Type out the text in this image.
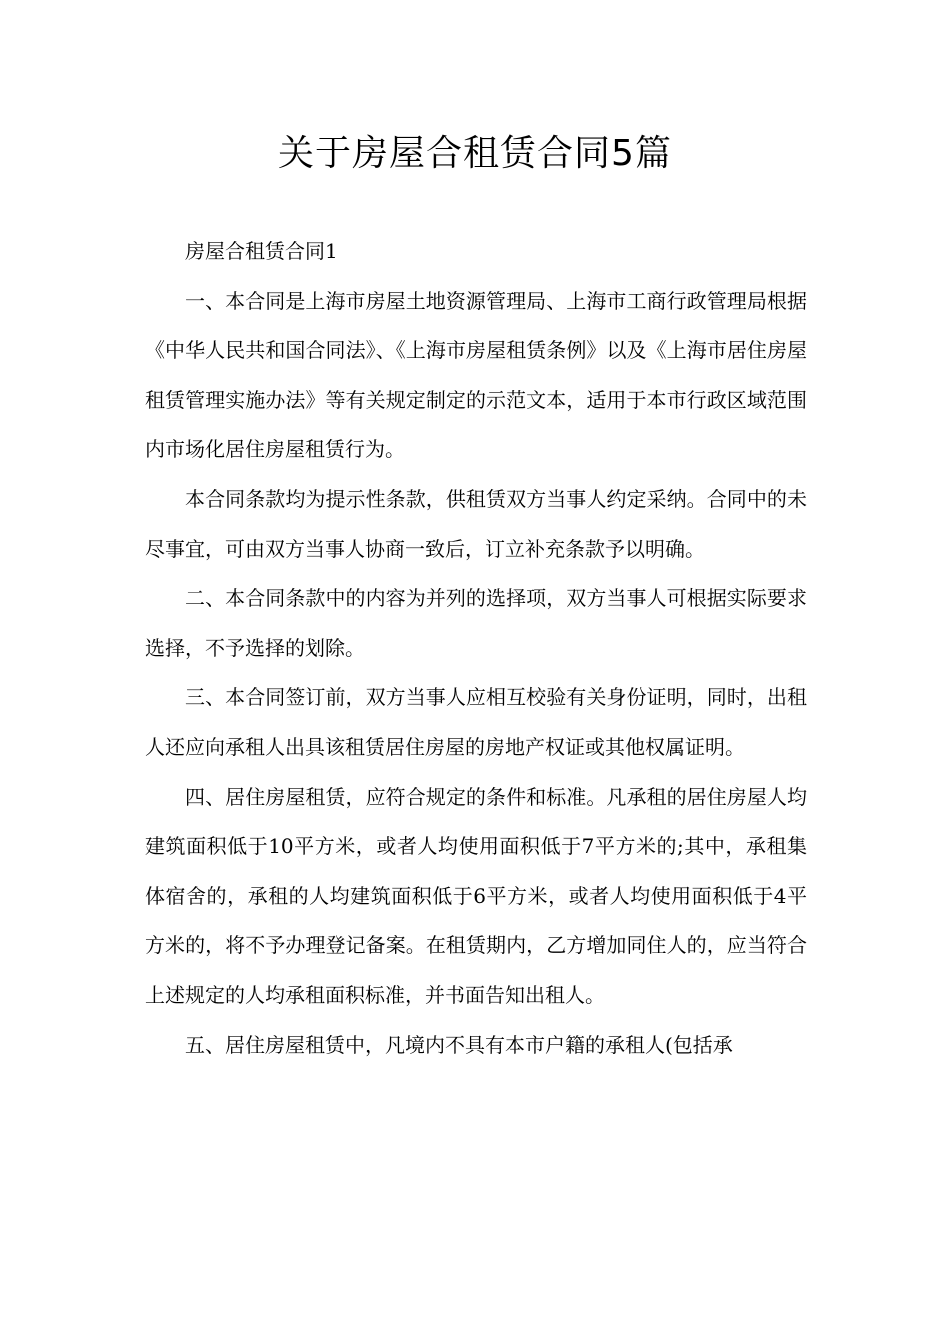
关于房屋合租赁合同5篇

房屋合租赁合同1

一、本合同是上海市房屋土地资源管理局、上海市工商行政管理局根据《中华人民共和国合同法》、《上海市房屋租赁条例》以及《上海市居住房屋租赁管理实施办法》等有关规定制定的示范文本，适用于本市行政区域范围内市场化居住房屋租赁行为。

本合同条款均为提示性条款，供租赁双方当事人约定采纳。合同中的未尽事宜，可由双方当事人协商一致后，订立补充条款予以明确。

二、本合同条款中的内容为并列的选择项，双方当事人可根据实际要求选择，不予选择的划除。

三、本合同签订前，双方当事人应相互校验有关身份证明，同时，出租人还应向承租人出具该租赁居住房屋的房地产权证或其他权属证明。

四、居住房屋租赁，应符合规定的条件和标准。凡承租的居住房屋人均建筑面积低于10平方米，或者人均使用面积低于7平方米的;其中，承租集体宿舍的，承租的人均建筑面积低于6平方米，或者人均使用面积低于4平方米的，将不予办理登记备案。在租赁期内，乙方增加同住人的，应当符合上述规定的人均承租面积标准，并书面告知出租人。

五、居住房屋租赁中，凡境内不具有本市户籍的承租人(包括承
